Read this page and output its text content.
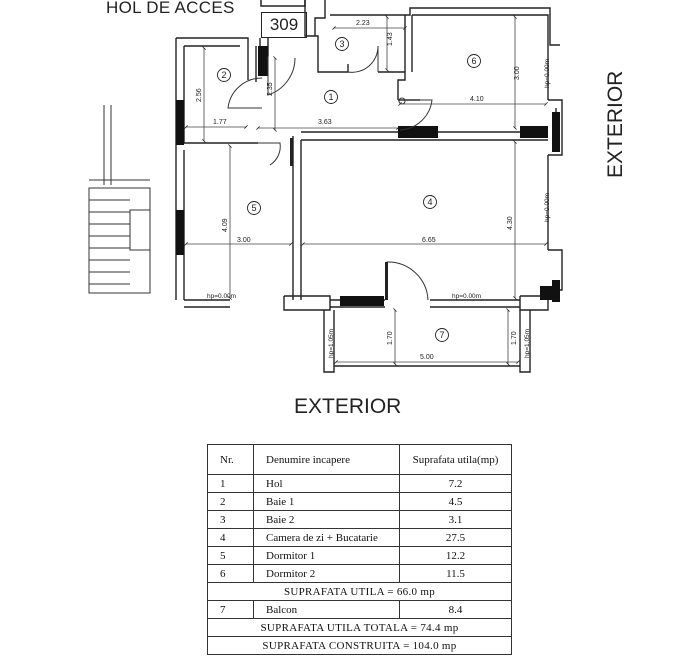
HOL DE ACCES
309
EXTERIOR
EXTERIOR
2.23
1.43
3.00
4.10
2.56	2.35
1.77	3.63
4.09
3.00	6.65
4.30
1.70	1.70
5.00
hp=0.00m
hp=0.00m
hp=0.00m	hp=0.00m
hp=1.05m	hp=1.05m
1
2
3
4
5
6
7
Nr.	Denumire incapere	Suprafata utila(mp)
1	Hol	7.2
2	Baie 1	4.5
3	Baie 2	3.1
4	Camera de zi + Bucatarie	27.5
5	Dormitor 1	12.2
6	Dormitor 2	11.5
SUPRAFATA UTILA = 66.0 mp		
7	Balcon	8.4
SUPRAFATA UTILA TOTALA = 74.4 mp		
SUPRAFATA CONSTRUITA = 104.0 mp		
